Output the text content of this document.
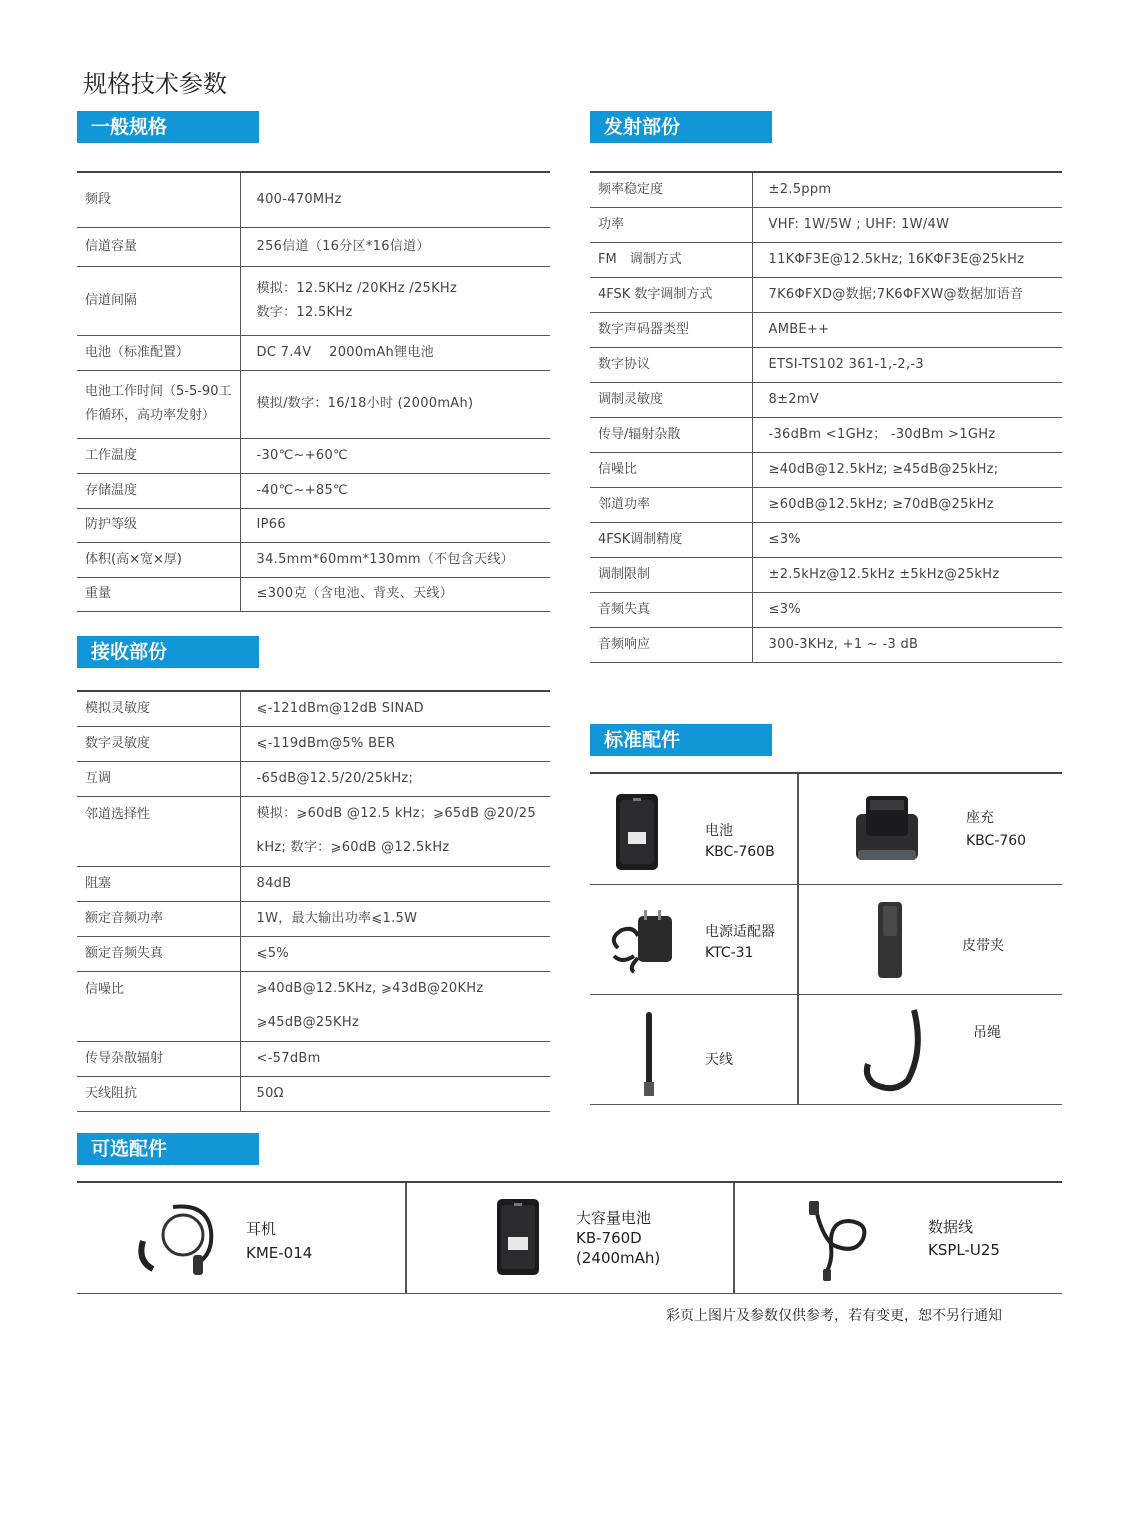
规格技术参数
一般规格
频段	400-470MHz
信道容量	256信道（16分区*16信道）
信道间隔	模拟：12.5KHz /20KHz /25KHz
数字：12.5KHz

电池（标准配置）	DC 7.4V　 2000mAh锂电池
电池工作时间（5-5-90工作循环，高功率发射）	模拟/数字：16/18小时 (2000mAh)
工作温度	-30℃~+60℃
存储温度	-40℃~+85℃
防护等级	IP66
体积(高×宽×厚)	34.5mm*60mm*130mm（不包含天线）
重量	≤300克（含电池、背夹、天线）
接收部份
模拟灵敏度	⩽-121dBm@12dB SINAD
数字灵敏度	⩽-119dBm@5% BER
互调	-65dB@12.5/20/25kHz;
邻道选择性	模拟：⩾60dB @12.5 kHz；⩾65dB @20/25
kHz; 数字：⩾60dB @12.5kHz

阻塞	84dB
额定音频功率	1W，最大输出功率⩽1.5W
额定音频失真	⩽5%
信噪比	⩾40dB@12.5KHz, ⩾43dB@20KHz
⩾45dB@25KHz

传导杂散辐射	<-57dBm
天线阻抗	50Ω
发射部份
频率稳定度	±2.5ppm
功率	VHF: 1W/5W ; UHF: 1W/4W
FM　调制方式	11KΦF3E@12.5kHz; 16KΦF3E@25kHz
4FSK 数字调制方式	7K6ΦFXD@数据;7K6ΦFXW@数据加语音
数字声码器类型	AMBE++
数字协议	ETSI-TS102 361-1,-2,-3
调制灵敏度	8±2mV
传导/辐射杂散	-36dBm <1GHz； -30dBm >1GHz
信噪比	≥40dB@12.5kHz; ≥45dB@25kHz;
邻道功率	≥60dB@12.5kHz; ≥70dB@25kHz
4FSK调制精度	≤3%
调制限制	±2.5kHz@12.5kHz ±5kHz@25kHz
音频失真	≤3%
音频响应	300-3KHz, +1 ~ -3 dB
标准配件
电池
KBC-760B
座充
KBC-760
电源适配器
KTC-31	皮带夹
天线
吊绳
可选配件
耳机
KME-014
大容量电池
KB-760D
(2400mAh)
数据线
KSPL-U25
彩页上图片及参数仅供参考，若有变更，恕不另行通知
